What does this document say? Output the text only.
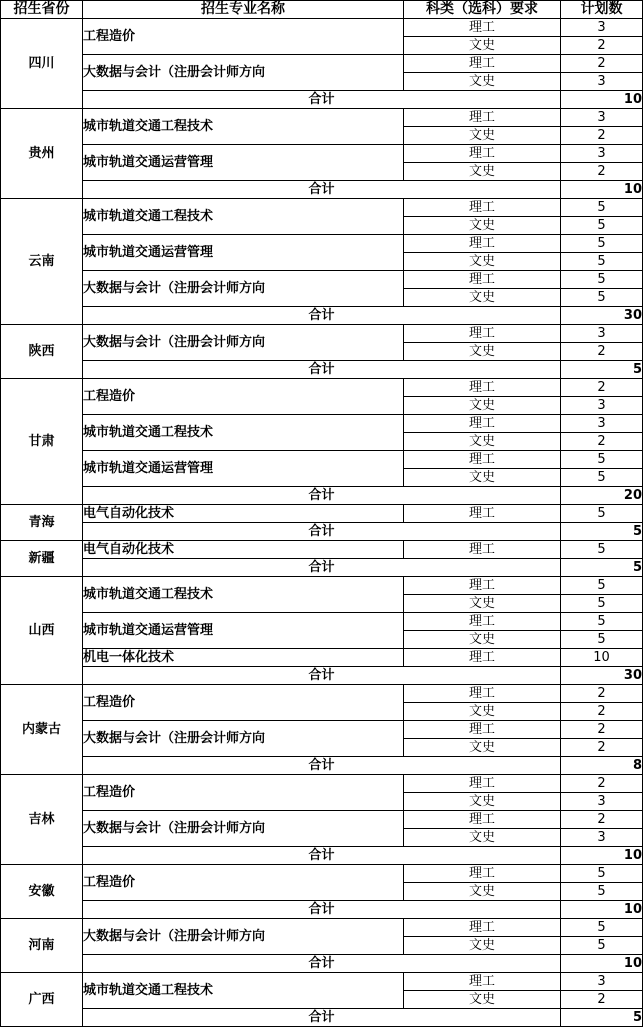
招生省份	招生专业名称	科类（选科）要求	计划数
四川	工程造价	理工	3
		文史	2
	大数据与会计（注册会计师方向	理工	2
		文史	3
	合计		10
贵州	城市轨道交通工程技术	理工	3
		文史	2
	城市轨道交通运营管理	理工	3
		文史	2
	合计		10
云南	城市轨道交通工程技术	理工	5
		文史	5
	城市轨道交通运营管理	理工	5
		文史	5
	大数据与会计（注册会计师方向	理工	5
		文史	5
	合计		30
陕西	大数据与会计（注册会计师方向	理工	3
		文史	2
	合计		5
甘肃	工程造价	理工	2
		文史	3
	城市轨道交通工程技术	理工	3
		文史	2
	城市轨道交通运营管理	理工	5
		文史	5
	合计		20
青海	电气自动化技术	理工	5
	合计		5
新疆	电气自动化技术	理工	5
	合计		5
山西	城市轨道交通工程技术	理工	5
		文史	5
	城市轨道交通运营管理	理工	5
		文史	5
	机电一体化技术	理工	10
	合计		30
内蒙古	工程造价	理工	2
		文史	2
	大数据与会计（注册会计师方向	理工	2
		文史	2
	合计		8
吉林	工程造价	理工	2
		文史	3
	大数据与会计（注册会计师方向	理工	2
		文史	3
	合计		10
安徽	工程造价	理工	5
		文史	5
	合计		10
河南	大数据与会计（注册会计师方向	理工	5
		文史	5
	合计		10
广西	城市轨道交通工程技术	理工	3
		文史	2
	合计		5
